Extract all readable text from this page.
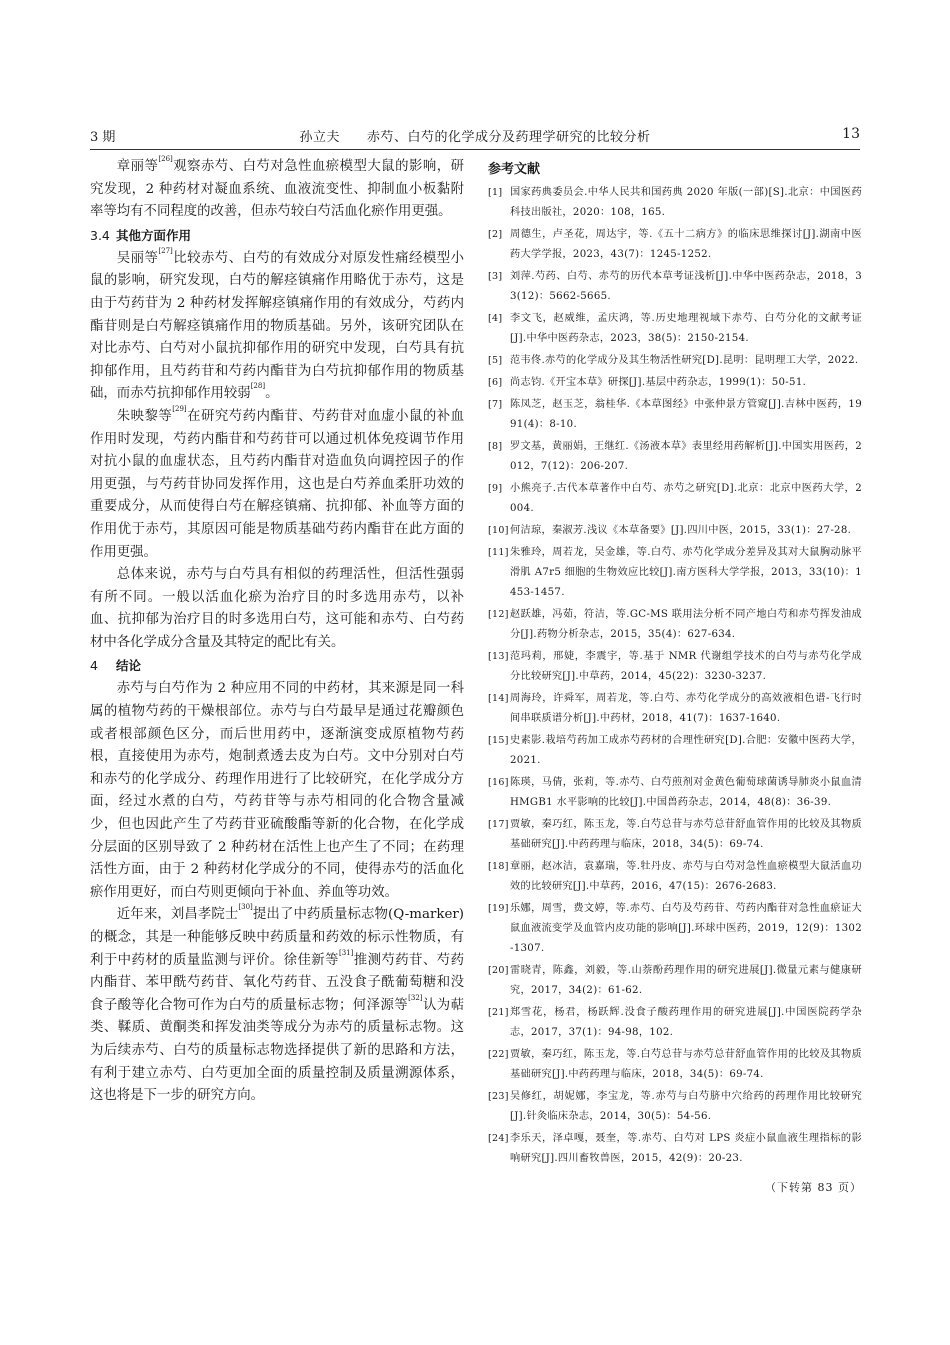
3 期	孙立夫　　赤芍、白芍的化学成分及药理学研究的比较分析	13

章丽等[26]观察赤芍、白芍对急性血瘀模型大鼠的影响，研究发现，2 种药材对凝血系统、血液流变性、抑制血小板黏附率等均有不同程度的改善，但赤芍较白芍活血化瘀作用更强。

3.4 其他方面作用

吴丽等[27]比较赤芍、白芍的有效成分对原发性痛经模型小鼠的影响，研究发现，白芍的解痉镇痛作用略优于赤芍，这是由于芍药苷为 2 种药材发挥解痉镇痛作用的有效成分，芍药内酯苷则是白芍解痉镇痛作用的物质基础。另外，该研究团队在对比赤芍、白芍对小鼠抗抑郁作用的研究中发现，白芍具有抗抑郁作用，且芍药苷和芍药内酯苷为白芍抗抑郁作用的物质基础，而赤芍抗抑郁作用较弱[28]。

朱映黎等[29]在研究芍药内酯苷、芍药苷对血虚小鼠的补血作用时发现，芍药内酯苷和芍药苷可以通过机体免疫调节作用对抗小鼠的血虚状态，且芍药内酯苷对造血负向调控因子的作用更强，与芍药苷协同发挥作用，这也是白芍养血柔肝功效的重要成分，从而使得白芍在解痉镇痛、抗抑郁、补血等方面的作用优于赤芍，其原因可能是物质基础芍药内酯苷在此方面的作用更强。

总体来说，赤芍与白芍具有相似的药理活性，但活性强弱有所不同。一般以活血化瘀为治疗目的时多选用赤芍，以补血、抗抑郁为治疗目的时多选用白芍，这可能和赤芍、白芍药材中各化学成分含量及其特定的配比有关。

4 结论

赤芍与白芍作为 2 种应用不同的中药材，其来源是同一科属的植物芍药的干燥根部位。赤芍与白芍最早是通过花瓣颜色或者根部颜色区分，而后世用药中，逐渐演变成原植物芍药根，直接使用为赤芍，炮制煮透去皮为白芍。文中分别对白芍和赤芍的化学成分、药理作用进行了比较研究，在化学成分方面，经过水煮的白芍，芍药苷等与赤芍相同的化合物含量减少，但也因此产生了芍药苷亚硫酸酯等新的化合物，在化学成分层面的区别导致了 2 种药材在活性上也产生了不同；在药理活性方面，由于 2 种药材化学成分的不同，使得赤芍的活血化瘀作用更好，而白芍则更倾向于补血、养血等功效。

近年来，刘昌孝院士[30]提出了中药质量标志物(Q-marker)的概念，其是一种能够反映中药质量和药效的标示性物质，有利于中药材的质量监测与评价。徐佳新等[31]推测芍药苷、芍药内酯苷、苯甲酰芍药苷、氧化芍药苷、五没食子酰葡萄糖和没食子酸等化合物可作为白芍的质量标志物；何泽源等[32]认为萜类、鞣质、黄酮类和挥发油类等成分为赤芍的质量标志物。这为后续赤芍、白芍的质量标志物选择提供了新的思路和方法，有利于建立赤芍、白芍更加全面的质量控制及质量溯源体系，这也将是下一步的研究方向。

参考文献
[1] 国家药典委员会.中华人民共和国药典 2020 年版(一部)[S].北京：中国医药科技出版社，2020：108，165.
[2] 周德生，卢圣花，周达宇，等.《五十二病方》的临床思维探讨[J].湖南中医药大学学报，2023，43(7)：1245-1252.
[3] 刘萍.芍药、白芍、赤芍的历代本草考证浅析[J].中华中医药杂志，2018，33(12)：5662-5665.
[4] 李文飞，赵威维，孟庆鸿，等.历史地理视域下赤芍、白芍分化的文献考证[J].中华中医药杂志，2023，38(5)：2150-2154.
[5] 范韦佟.赤芍的化学成分及其生物活性研究[D].昆明：昆明理工大学，2022.
[6] 尚志钧.《开宝本草》研探[J].基层中药杂志，1999(1)：50-51.
[7] 陈凤芝，赵玉芝，翁桂华.《本草图经》中张仲景方管窥[J].吉林中医药，1991(4)：8-10.
[8] 罗文基，黄丽娟，王继红.《汤液本草》表里经用药解析[J].中国实用医药，2012，7(12)：206-207.
[9] 小熊亮子.古代本草著作中白芍、赤芍之研究[D].北京：北京中医药大学，2004.
[10] 何洁琼，秦淑芳.浅议《本草备要》[J].四川中医，2015，33(1)：27-28.
[11] 朱雅玲，周若龙，吴金雄，等.白芍、赤芍化学成分差异及其对大鼠胸动脉平滑肌 A7r5 细胞的生物效应比较[J].南方医科大学学报，2013，33(10)：1453-1457.
[12] 赵跃雄，冯茹，符洁，等.GC-MS 联用法分析不同产地白芍和赤芍挥发油成分[J].药物分析杂志，2015，35(4)：627-634.
[13] 范玛莉，邢婕，李震宇，等.基于 NMR 代谢组学技术的白芍与赤芍化学成分比较研究[J].中草药，2014，45(22)：3230-3237.
[14] 周海玲，许舜军，周若龙，等.白芍、赤芍化学成分的高效液相色谱-飞行时间串联质谱分析[J].中药材，2018，41(7)：1637-1640.
[15] 史素影.栽培芍药加工成赤芍药材的合理性研究[D].合肥：安徽中医药大学，2021.
[16] 陈瑛，马倩，张莉，等.赤芍、白芍煎剂对金黄色葡萄球菌诱导肺炎小鼠血清 HMGB1 水平影响的比较[J].中国兽药杂志，2014，48(8)：36-39.
[17] 贾敏，秦巧红，陈玉龙，等.白芍总苷与赤芍总苷舒血管作用的比较及其物质基础研究[J].中药药理与临床，2018，34(5)：69-74.
[18] 章丽，赵冰洁，袁嘉瑞，等.牡丹皮、赤芍与白芍对急性血瘀模型大鼠活血功效的比较研究[J].中草药，2016，47(15)：2676-2683.
[19] 乐娜，周雪，费文婷，等.赤芍、白芍及芍药苷、芍药内酯苷对急性血瘀证大鼠血液流变学及血管内皮功能的影响[J].环球中医药，2019，12(9)：1302-1307.
[20] 雷晓青，陈鑫，刘毅，等.山萘酚药理作用的研究进展[J].微量元素与健康研究，2017，34(2)：61-62.
[21] 郑雪花，杨君，杨跃辉.没食子酸药理作用的研究进展[J].中国医院药学杂志，2017，37(1)：94-98，102.
[22] 贾敏，秦巧红，陈玉龙，等.白芍总苷与赤芍总苷舒血管作用的比较及其物质基础研究[J].中药药理与临床，2018，34(5)：69-74.
[23] 吴修红，胡妮娜，李宝龙，等.赤芍与白芍脐中穴给药的药理作用比较研究[J].针灸临床杂志，2014，30(5)：54-56.
[24] 李乐天，泽卓嘎，聂奎，等.赤芍、白芍对 LPS 炎症小鼠血液生理指标的影响研究[J].四川畜牧兽医，2015，42(9)：20-23.
（下转第 83 页）
